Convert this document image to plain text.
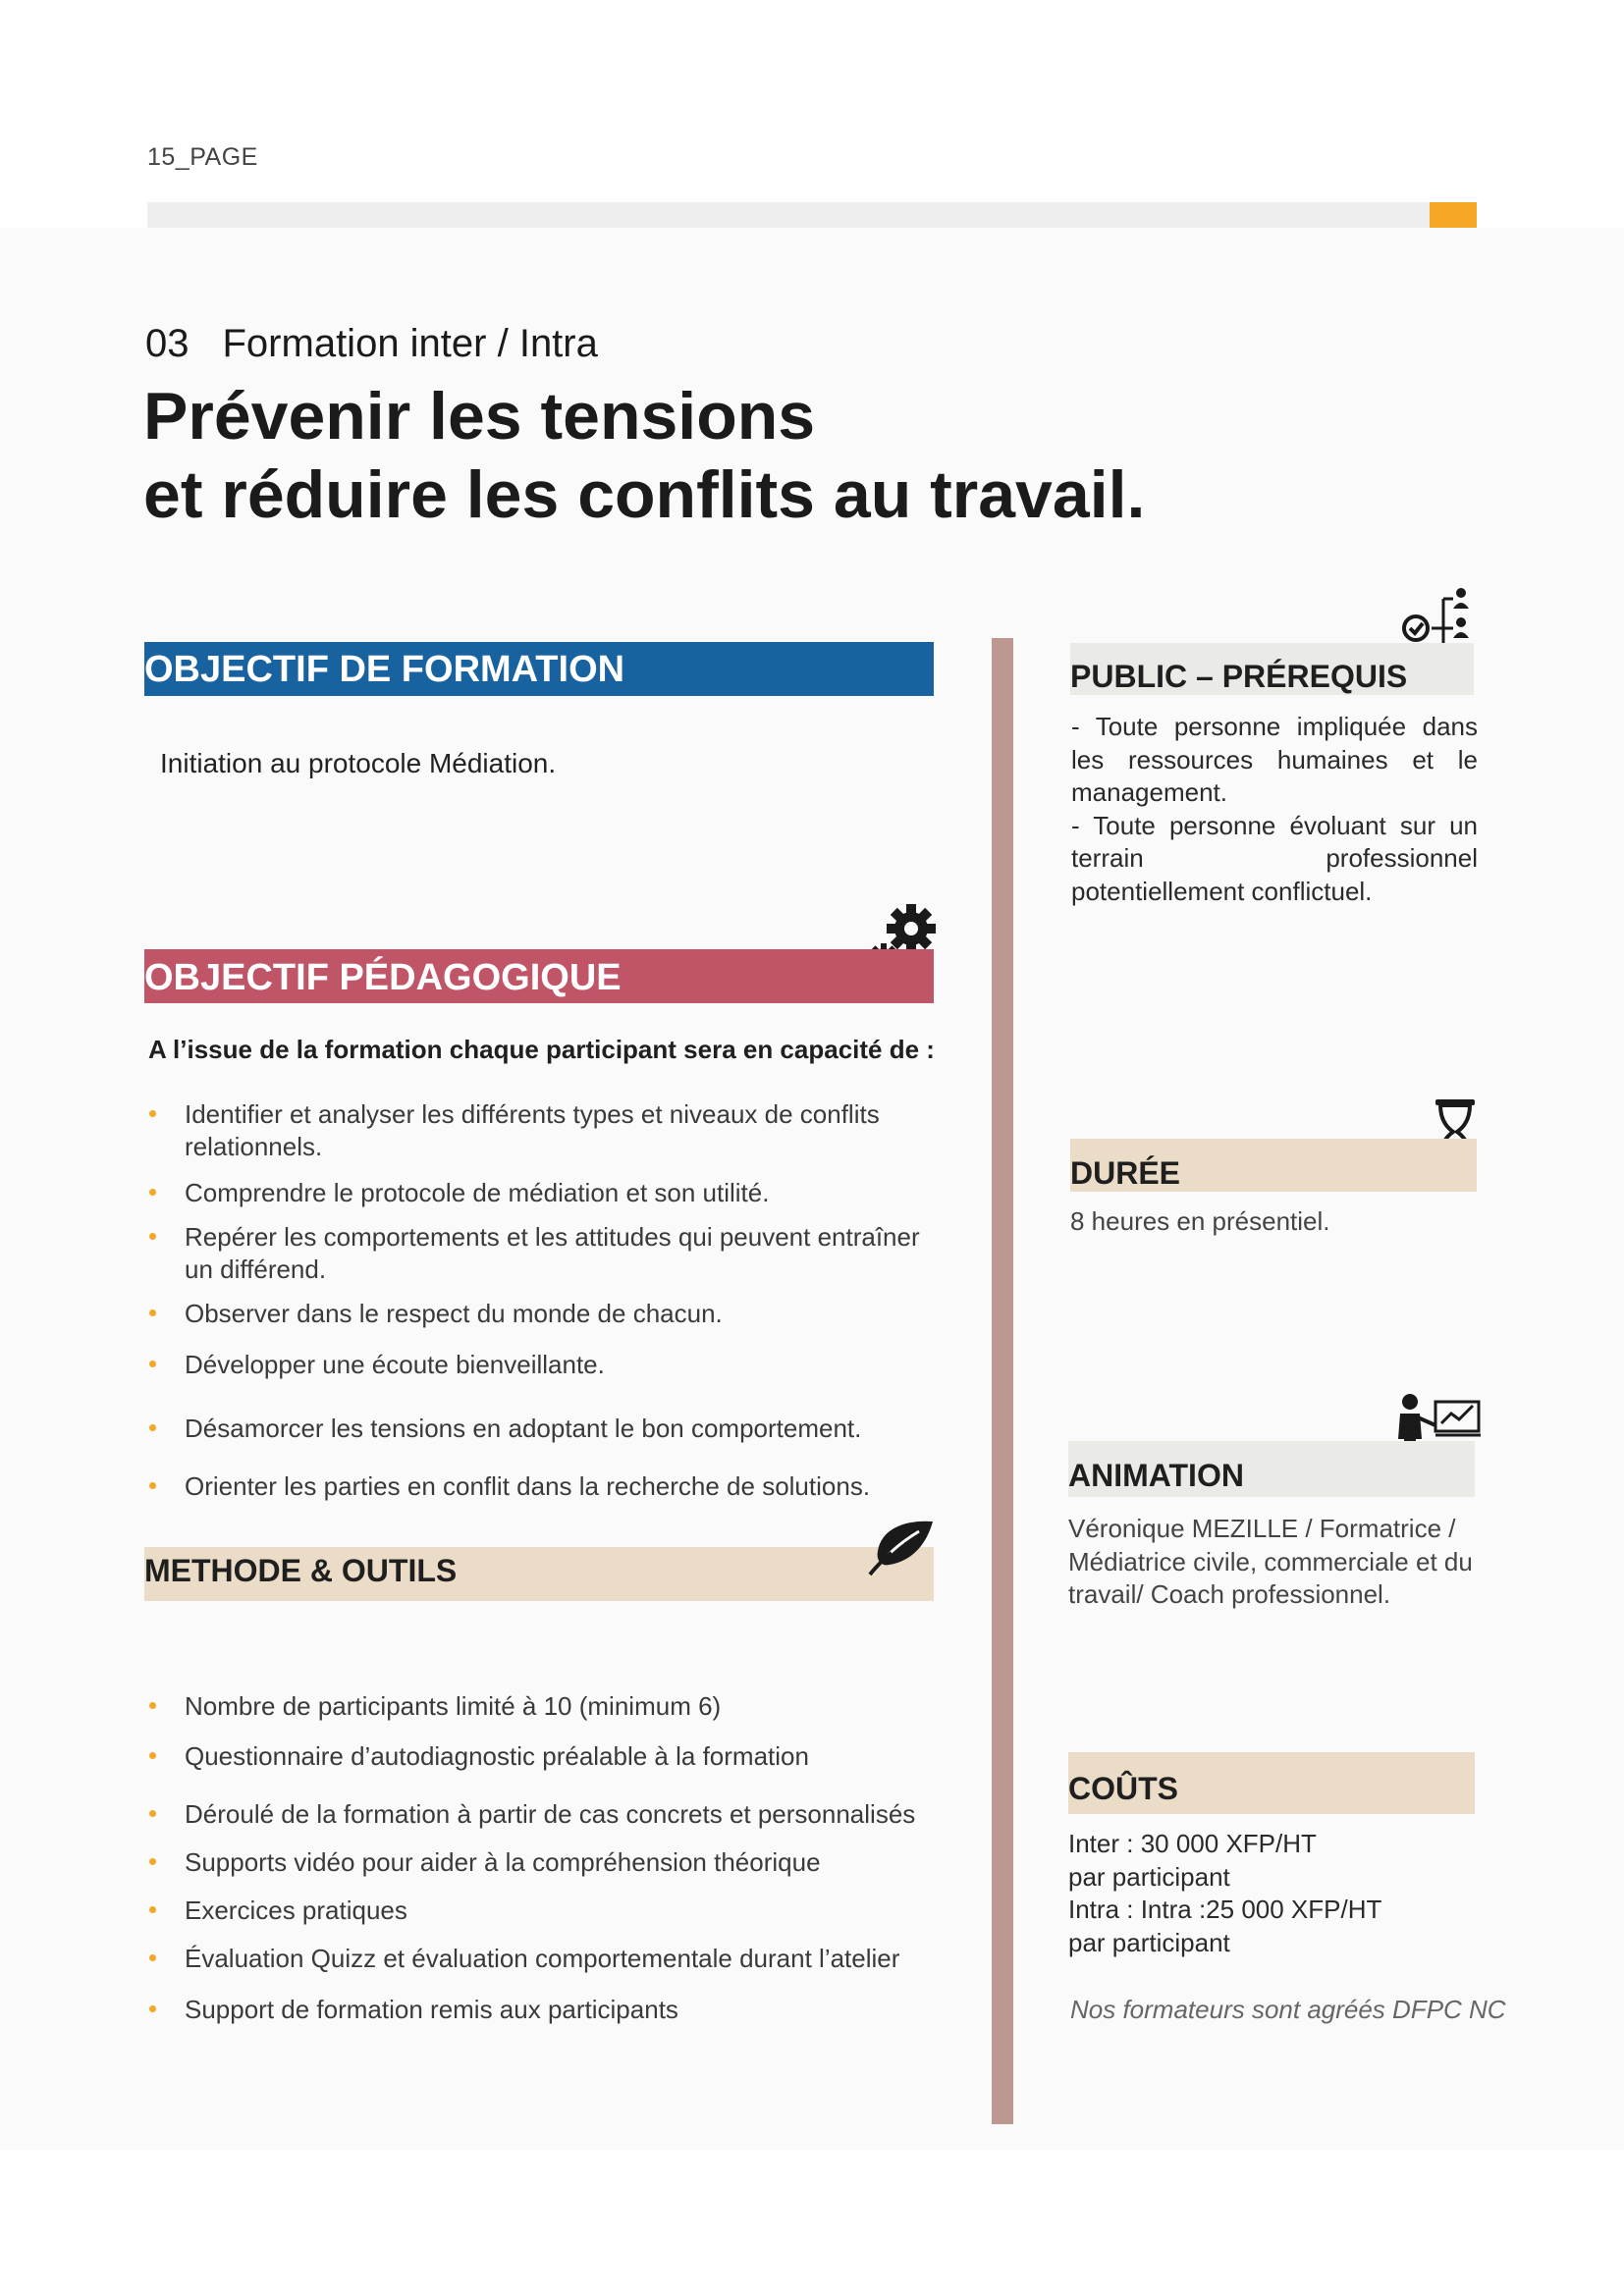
15_PAGE
03 Formation inter / Intra
Prévenir les tensions
et réduire les conflits au travail.
OBJECTIF DE FORMATION
Initiation au protocole Médiation.
OBJECTIF PÉDAGOGIQUE
A l’issue de la formation chaque participant sera en capacité de :
Identifier et analyser les différents types et niveaux de conflits relationnels.
Comprendre le protocole de médiation et son utilité.
Repérer les comportements et les attitudes qui peuvent entraîner un différend.
Observer dans le respect du monde de chacun.
Développer une écoute bienveillante.
Désamorcer les tensions en adoptant le bon comportement.
Orienter les parties en conflit dans la recherche de solutions.
METHODE & OUTILS
Nombre de participants limité à 10 (minimum 6)
Questionnaire d’autodiagnostic préalable à la formation
Déroulé de la formation à partir de cas concrets et personnalisés
Supports vidéo pour aider à la compréhension théorique
Exercices pratiques
Évaluation Quizz et évaluation comportementale durant l’atelier
Support de formation remis aux participants
PUBLIC – PRÉREQUIS

- Toute personne impliquée dans les ressources humaines et le management.

- Toute personne évoluant sur un terrain professionnel potentiellement conflictuel.

DURÉE
8 heures en présentiel.
ANIMATION
Véronique MEZILLE / Formatrice / Médiatrice civile, commerciale et du travail/ Coach professionnel.
COÛTS

Inter : 30 000 XFP/HT

par participant

Intra : Intra :25 000 XFP/HT

par participant

Nos formateurs sont agréés DFPC NC
